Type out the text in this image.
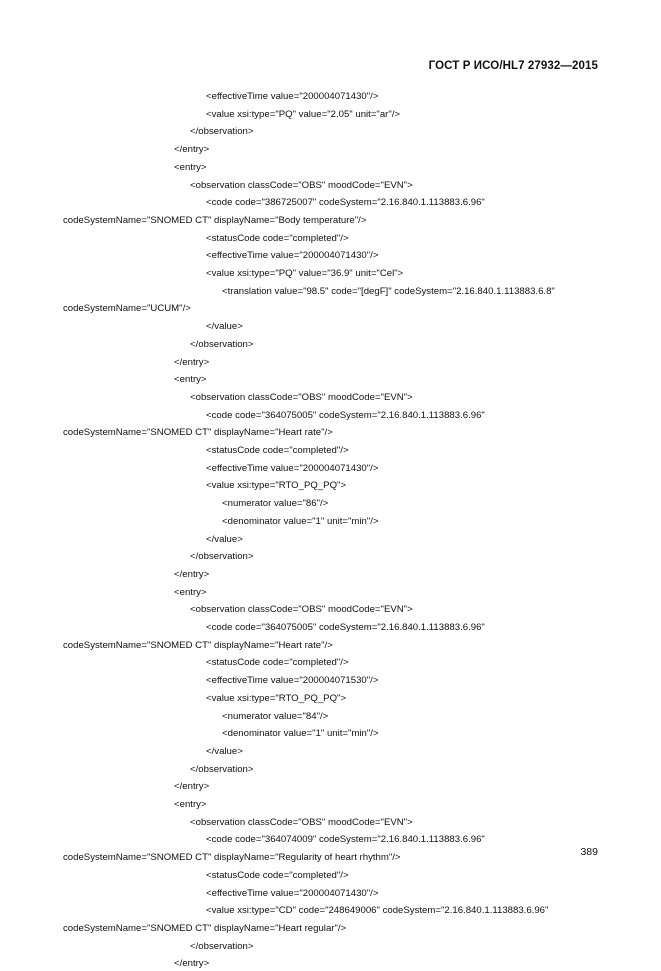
ГОСТ Р ИСО/HL7 27932—2015
<effectiveTime value="200004071430"/>
<value xsi:type="PQ" value="2.05" unit="ar"/>
</observation>
</entry>
<entry>
<observation classCode="OBS" moodCode="EVN">
<code code="386725007" codeSystem="2.16.840.1.113883.6.96"
codeSystemName="SNOMED CT" displayName="Body temperature"/>
<statusCode code="completed"/>
<effectiveTime value="200004071430"/>
<value xsi:type="PQ" value="36.9" unit="Cel">
<translation value="98.5" code="[degF]" codeSystem="2.16.840.1.113883.6.8"
codeSystemName="UCUM"/>
</value>
</observation>
</entry>
<entry>
<observation classCode="OBS" moodCode="EVN">
<code code="364075005" codeSystem="2.16.840.1.113883.6.96"
codeSystemName="SNOMED CT" displayName="Heart rate"/>
<statusCode code="completed"/>
<effectiveTime value="200004071430"/>
<value xsi:type="RTO_PQ_PQ">
<numerator value="86"/>
<denominator value="1" unit="min"/>
</value>
</observation>
</entry>
<entry>
<observation classCode="OBS" moodCode="EVN">
<code code="364075005" codeSystem="2.16.840.1.113883.6.96"
codeSystemName="SNOMED CT" displayName="Heart rate"/>
<statusCode code="completed"/>
<effectiveTime value="200004071530"/>
<value xsi:type="RTO_PQ_PQ">
<numerator value="84"/>
<denominator value="1" unit="min"/>
</value>
</observation>
</entry>
<entry>
<observation classCode="OBS" moodCode="EVN">
<code code="364074009" codeSystem="2.16.840.1.113883.6.96"
codeSystemName="SNOMED CT" displayName="Regularity of heart rhythm"/>
<statusCode code="completed"/>
<effectiveTime value="200004071430"/>
<value xsi:type="CD" code="248649006" codeSystem="2.16.840.1.113883.6.96"
codeSystemName="SNOMED CT" displayName="Heart regular"/>
</observation>
</entry>
389
